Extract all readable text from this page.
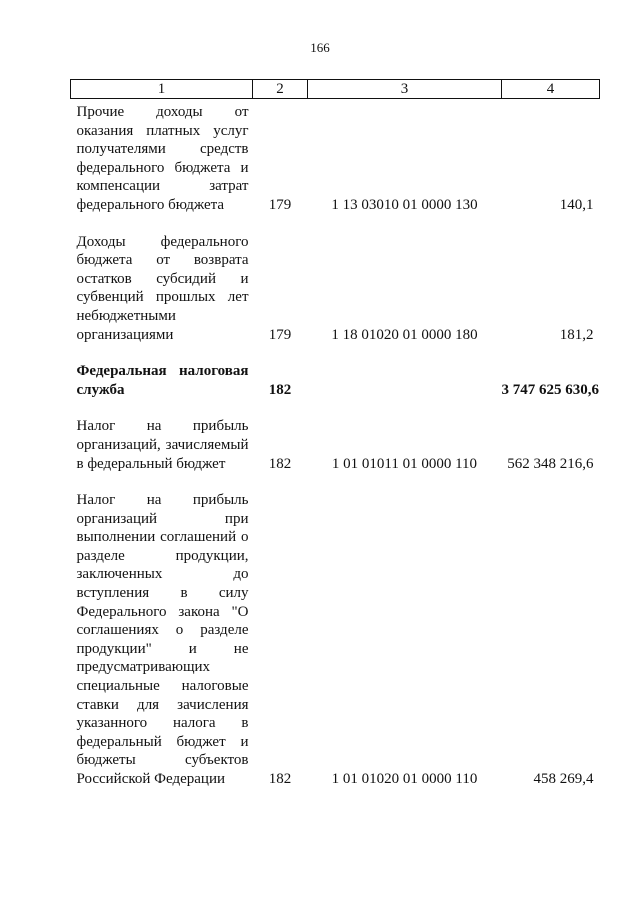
166
1	2	3	4

Прочие доходы от оказания платных услуг получателями средств федерального бюджета и компенсации затрат федерального бюджета	179	1 13 03010 01 0000 130	140,1

Доходы федерального бюджета от возврата остатков субсидий и субвенций прошлых лет небюджетными организациями	179	1 18 01020 01 0000 180	181,2

Федеральная налоговая служба	182		3 747 625 630,6

Налог на прибыль организаций, зачисляемый в федеральный бюджет	182	1 01 01011 01 0000 110	562 348 216,6

Налог на прибыль организаций при выполнении соглашений о разделе продукции, заключенных до вступления в силу Федерального закона "О соглашениях о разделе продукции" и не предусматривающих специальные налоговые ставки для зачисления указанного налога в федеральный бюджет и бюджеты субъектов Российской Федерации	182	1 01 01020 01 0000 110	458 269,4
